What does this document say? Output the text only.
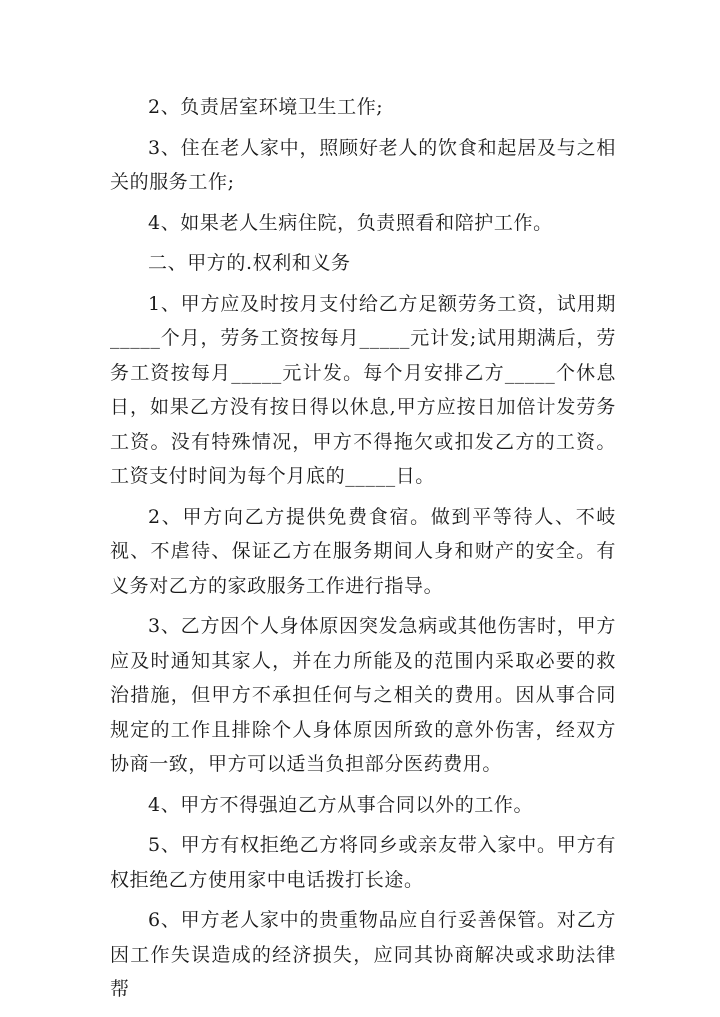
2、负责居室环境卫生工作;

3、住在老人家中，照顾好老人的饮食和起居及与之相关的服务工作;

4、如果老人生病住院，负责照看和陪护工作。

二、甲方的.权利和义务

1、甲方应及时按月支付给乙方足额劳务工资，试用期_____个月，劳务工资按每月_____元计发;试用期满后，劳务工资按每月_____元计发。每个月安排乙方_____个休息日，如果乙方没有按日得以休息,甲方应按日加倍计发劳务工资。没有特殊情况，甲方不得拖欠或扣发乙方的工资。工资支付时间为每个月底的_____日。

2、甲方向乙方提供免费食宿。做到平等待人、不岐视、不虐待、保证乙方在服务期间人身和财产的安全。有义务对乙方的家政服务工作进行指导。

3、乙方因个人身体原因突发急病或其他伤害时，甲方应及时通知其家人，并在力所能及的范围内采取必要的救治措施，但甲方不承担任何与之相关的费用。因从事合同规定的工作且排除个人身体原因所致的意外伤害，经双方协商一致，甲方可以适当负担部分医药费用。

4、甲方不得强迫乙方从事合同以外的工作。

5、甲方有权拒绝乙方将同乡或亲友带入家中。甲方有权拒绝乙方使用家中电话拨打长途。

6、甲方老人家中的贵重物品应自行妥善保管。对乙方因工作失误造成的经济损失，应同其协商解决或求助法律帮
